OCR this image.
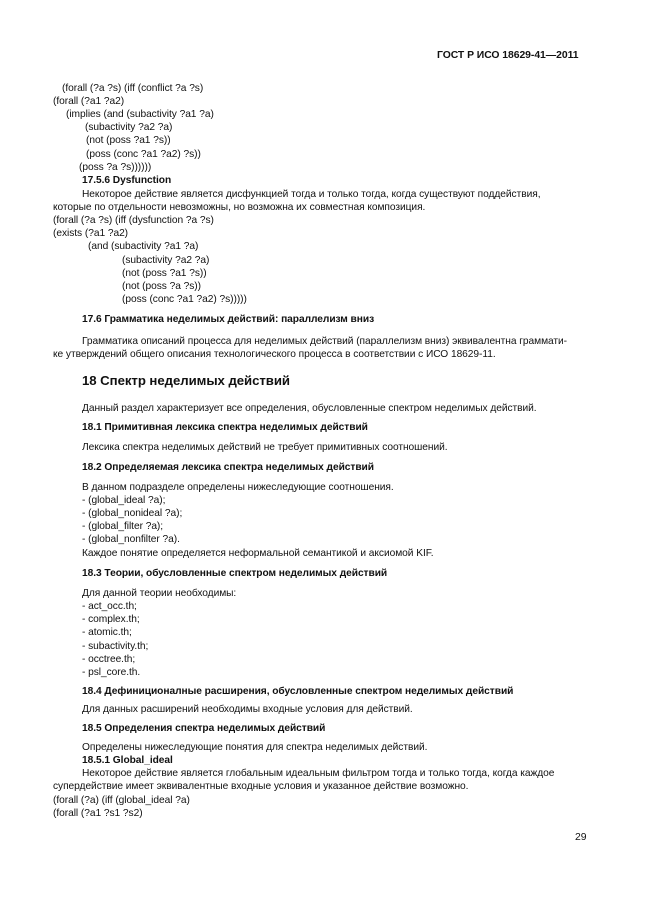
ГОСТ Р ИСО 18629-41—2011
(forall (?a ?s) (iff (conflict ?a ?s)
(forall (?a1 ?a2)
(implies (and (subactivity ?a1 ?a)
(subactivity ?a2 ?a)
(not (poss ?a1 ?s))
(poss (conc ?a1 ?a2) ?s))
(poss ?a ?s))))))
17.5.6 Dysfunction
Некоторое действие является дисфункцией тогда и только тогда, когда существуют поддействия,
которые по отдельности невозможны, но возможна их совместная композиция.
(forall (?a ?s) (iff (dysfunction ?a ?s)
(exists (?a1 ?a2)
(and (subactivity ?a1 ?a)
(subactivity ?a2 ?a)
(not (poss ?a1 ?s))
(not (poss ?a ?s))
(poss (conc ?a1 ?a2) ?s)))))
17.6 Грамматика неделимых действий: параллелизм вниз
Грамматика описаний процесса для неделимых действий (параллелизм вниз) эквивалентна граммати-
ке утверждений общего описания технологического процесса в соответствии с ИСО 18629-11.
18 Спектр неделимых действий
Данный раздел характеризует все определения, обусловленные спектром неделимых действий.
18.1 Примитивная лексика спектра неделимых действий
Лексика спектра неделимых действий не требует примитивных соотношений.
18.2 Определяемая лексика спектра неделимых действий
В данном подразделе определены нижеследующие соотношения.
- (global_ideal ?a);
- (global_nonideal ?a);
- (global_filter ?a);
- (global_nonfilter ?a).
Каждое понятие определяется неформальной семантикой и аксиомой KIF.
18.3 Теории, обусловленные спектром неделимых действий
Для данной теории необходимы:
- act_occ.th;
- complex.th;
- atomic.th;
- subactivity.th;
- occtree.th;
- psl_core.th.
18.4 Дефиниционалные расширения, обусловленные спектром неделимых действий
Для данных расширений необходимы входные условия для действий.
18.5 Определения спектра неделимых действий
Определены нижеследующие понятия для спектра неделимых действий.
18.5.1 Global_ideal
Некоторое действие является глобальным идеальным фильтром тогда и только тогда, когда каждое
супердействие имеет эквивалентные входные условия и указанное действие возможно.
(forall (?a) (iff (global_ideal ?a)
(forall (?a1 ?s1 ?s2)
29
